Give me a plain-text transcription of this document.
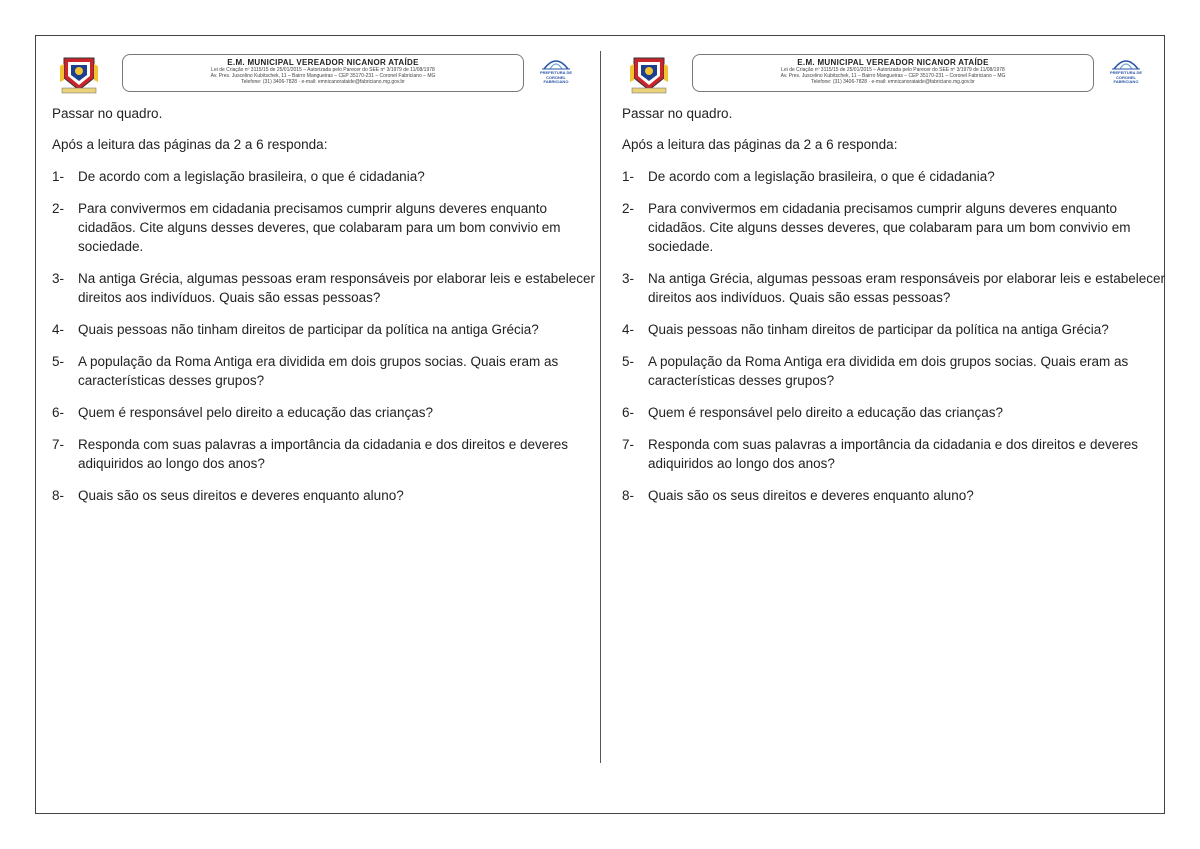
E.M. MUNICIPAL VEREADOR NICANOR ATAÍDE
Lei de Criação nº 3115/15 de 25/01/2015 – Autorizada pelo Parecer do SEE nº 3/1979 de 11/08/1978
Av. Pres. Juscelino Kubitschek, 11 – Bairro Mangueiras – CEP 35170-231 – Coronel Fabriciano – MG
Telefone: (31) 3406-7828 · e-mail: emnicanorataide@fabriciano.mg.gov.br
PREFEITURA DE CORONEL FABRICIANO
Passar no quadro.
Após a leitura das páginas da 2 a 6 responda:
1- De acordo com a legislação brasileira, o que é cidadania?
2- Para convivermos em cidadania precisamos cumprir alguns deveres enquanto cidadãos. Cite alguns desses deveres, que colabaram para um bom convivio em sociedade.
3- Na antiga Grécia, algumas pessoas eram responsáveis por elaborar leis e estabelecer direitos aos indivíduos. Quais são essas pessoas?
4- Quais pessoas não tinham direitos de participar da política na antiga Grécia?
5- A população da Roma Antiga era dividida em dois grupos socias. Quais eram as características desses grupos?
6- Quem é responsável pelo direito a educação das crianças?
7- Responda com suas palavras a importância da cidadania e dos direitos e deveres adiquiridos ao longo dos anos?
8- Quais são os seus direitos e deveres enquanto aluno?
E.M. MUNICIPAL VEREADOR NICANOR ATAÍDE
Lei de Criação nº 3115/15 de 25/01/2015 – Autorizada pelo Parecer do SEE nº 3/1979 de 11/08/1978
Av. Pres. Juscelino Kubitschek, 11 – Bairro Mangueiras – CEP 35170-231 – Coronel Fabriciano – MG
Telefone: (31) 3406-7828 · e-mail: emnicanorataide@fabriciano.mg.gov.br
PREFEITURA DE CORONEL FABRICIANO
Passar no quadro.
Após a leitura das páginas da 2 a 6 responda:
1- De acordo com a legislação brasileira, o que é cidadania?
2- Para convivermos em cidadania precisamos cumprir alguns deveres enquanto cidadãos. Cite alguns desses deveres, que colabaram para um bom convivio em sociedade.
3- Na antiga Grécia, algumas pessoas eram responsáveis por elaborar leis e estabelecer direitos aos indivíduos. Quais são essas pessoas?
4- Quais pessoas não tinham direitos de participar da política na antiga Grécia?
5- A população da Roma Antiga era dividida em dois grupos socias. Quais eram as características desses grupos?
6- Quem é responsável pelo direito a educação das crianças?
7- Responda com suas palavras a importância da cidadania e dos direitos e deveres adiquiridos ao longo dos anos?
8- Quais são os seus direitos e deveres enquanto aluno?
